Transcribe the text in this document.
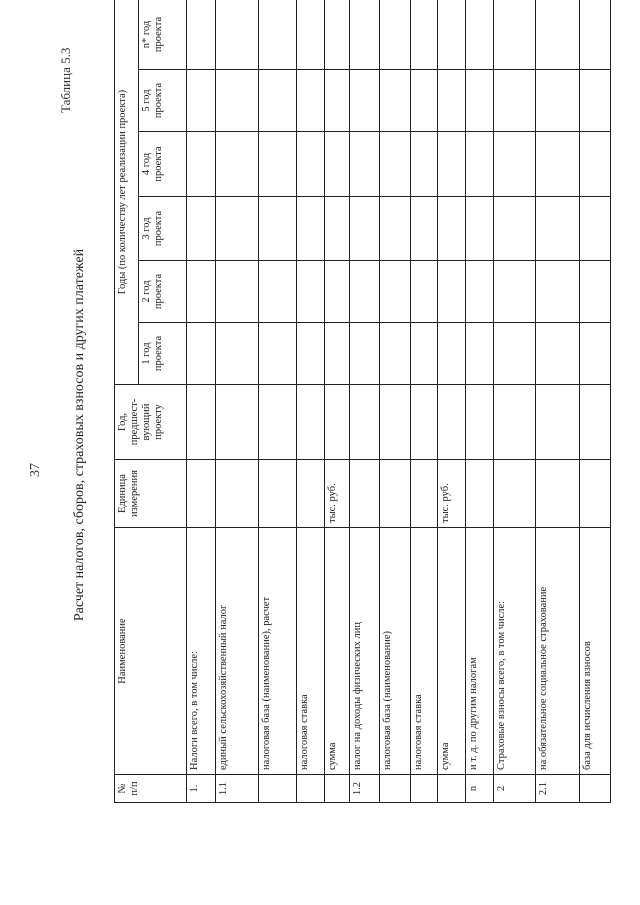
37
Таблица 5.3
Расчет налогов, сборов, страховых взносов и других платежей
№ п/п	Наименование	Единица измерения	Год, предшест- вующий проекту	Годы (по количеству лет реализации проекта)					
				1 год проекта	2 год проекта	3 год проекта	4 год проекта	5 год проекта	n* год проекта
1.	Налоги всего, в том числе:								
1.1	единый сельскохозяйственный налог								
	налоговая база (наименование), расчет								
	налоговая ставка								
	сумма	тыс. руб.							
1.2	налог на доходы физических лиц								
	налоговая база (наименование)								
	налоговая ставка								
	сумма	тыс. руб.							
n	и т. д. по другим налогам								
2	Страховые взносы всего, в том числе:								
2.1	на обязательное социальное страхование								
	база для исчисления взносов								
